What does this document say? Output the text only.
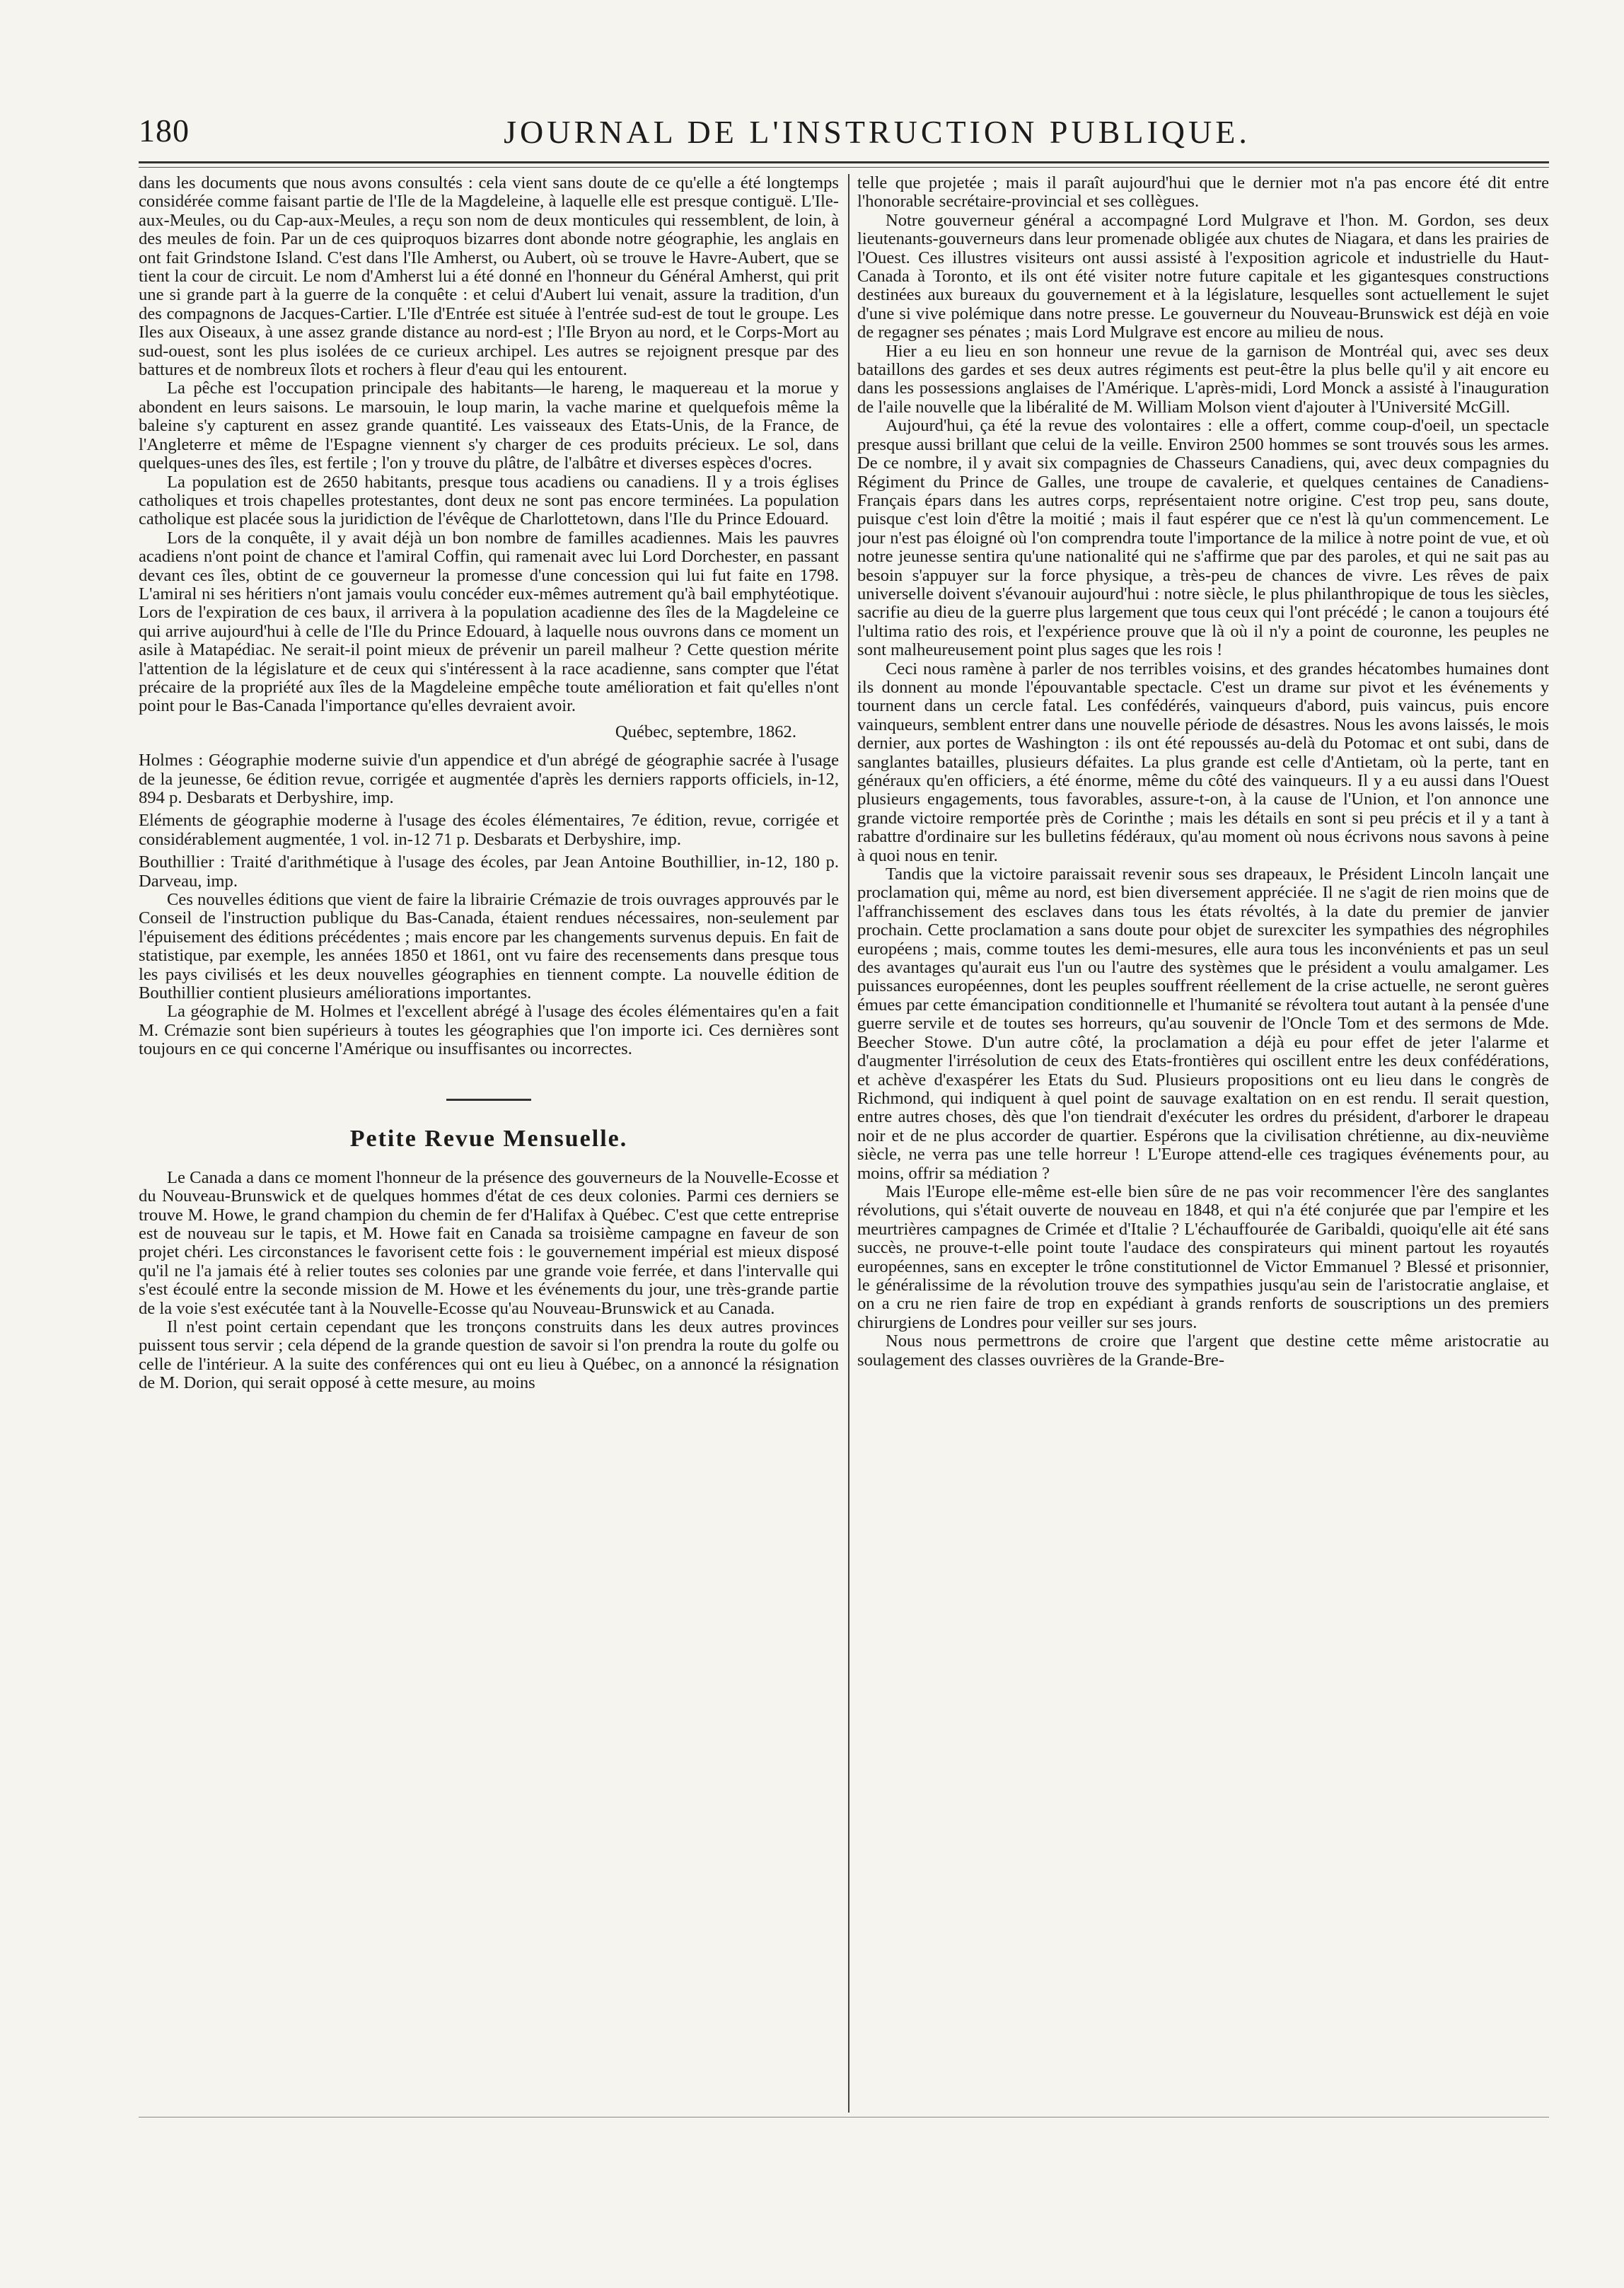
180	JOURNAL DE L'INSTRUCTION PUBLIQUE.

dans les documents que nous avons consultés : cela vient sans doute de ce qu'elle a été longtemps considérée comme faisant partie de l'Ile de la Magdeleine, à laquelle elle est presque contiguë. L'Ile-aux-Meules, ou du Cap-aux-Meules, a reçu son nom de deux monticules qui ressemblent, de loin, à des meules de foin. Par un de ces quiproquos bizarres dont abonde notre géographie, les anglais en ont fait Grindstone Island. C'est dans l'Ile Amherst, ou Aubert, où se trouve le Havre-Aubert, que se tient la cour de circuit. Le nom d'Amherst lui a été donné en l'honneur du Général Amherst, qui prit une si grande part à la guerre de la conquête : et celui d'Aubert lui venait, assure la tradition, d'un des compagnons de Jacques-Cartier. L'Ile d'Entrée est située à l'entrée sud-est de tout le groupe. Les Iles aux Oiseaux, à une assez grande distance au nord-est ; l'Ile Bryon au nord, et le Corps-Mort au sud-ouest, sont les plus isolées de ce curieux archipel. Les autres se rejoignent presque par des battures et de nombreux îlots et rochers à fleur d'eau qui les entourent.

La pêche est l'occupation principale des habitants—le hareng, le maquereau et la morue y abondent en leurs saisons. Le marsouin, le loup marin, la vache marine et quelquefois même la baleine s'y capturent en assez grande quantité. Les vaisseaux des Etats-Unis, de la France, de l'Angleterre et même de l'Espagne viennent s'y charger de ces produits précieux. Le sol, dans quelques-unes des îles, est fertile ; l'on y trouve du plâtre, de l'albâtre et diverses espèces d'ocres.

La population est de 2650 habitants, presque tous acadiens ou canadiens. Il y a trois églises catholiques et trois chapelles protestantes, dont deux ne sont pas encore terminées. La population catholique est placée sous la juridiction de l'évêque de Charlottetown, dans l'Ile du Prince Edouard.

Lors de la conquête, il y avait déjà un bon nombre de familles acadiennes. Mais les pauvres acadiens n'ont point de chance et l'amiral Coffin, qui ramenait avec lui Lord Dorchester, en passant devant ces îles, obtint de ce gouverneur la promesse d'une concession qui lui fut faite en 1798. L'amiral ni ses héritiers n'ont jamais voulu concéder eux-mêmes autrement qu'à bail emphytéotique. Lors de l'expiration de ces baux, il arrivera à la population acadienne des îles de la Magdeleine ce qui arrive aujourd'hui à celle de l'Ile du Prince Edouard, à laquelle nous ouvrons dans ce moment un asile à Matapédiac. Ne serait-il point mieux de prévenir un pareil malheur ? Cette question mérite l'attention de la législature et de ceux qui s'intéressent à la race acadienne, sans compter que l'état précaire de la propriété aux îles de la Magdeleine empêche toute amélioration et fait qu'elles n'ont point pour le Bas-Canada l'importance qu'elles devraient avoir.

Québec, septembre, 1862.

Holmes : Géographie moderne suivie d'un appendice et d'un abrégé de géographie sacrée à l'usage de la jeunesse, 6e édition revue, corrigée et augmentée d'après les derniers rapports officiels, in-12, 894 p. Desbarats et Derbyshire, imp.

Eléments de géographie moderne à l'usage des écoles élémentaires, 7e édition, revue, corrigée et considérablement augmentée, 1 vol. in-12 71 p. Desbarats et Derbyshire, imp.

Bouthillier : Traité d'arithmétique à l'usage des écoles, par Jean Antoine Bouthillier, in-12, 180 p. Darveau, imp.

Ces nouvelles éditions que vient de faire la librairie Crémazie de trois ouvrages approuvés par le Conseil de l'instruction publique du Bas-Canada, étaient rendues nécessaires, non-seulement par l'épuisement des éditions précédentes ; mais encore par les changements survenus depuis. En fait de statistique, par exemple, les années 1850 et 1861, ont vu faire des recensements dans presque tous les pays civilisés et les deux nouvelles géographies en tiennent compte. La nouvelle édition de Bouthillier contient plusieurs améliorations importantes.

La géographie de M. Holmes et l'excellent abrégé à l'usage des écoles élémentaires qu'en a fait M. Crémazie sont bien supérieurs à toutes les géographies que l'on importe ici. Ces dernières sont toujours en ce qui concerne l'Amérique ou insuffisantes ou incorrectes.

Petite Revue Mensuelle.

Le Canada a dans ce moment l'honneur de la présence des gouverneurs de la Nouvelle-Ecosse et du Nouveau-Brunswick et de quelques hommes d'état de ces deux colonies. Parmi ces derniers se trouve M. Howe, le grand champion du chemin de fer d'Halifax à Québec. C'est que cette entreprise est de nouveau sur le tapis, et M. Howe fait en Canada sa troisième campagne en faveur de son projet chéri. Les circonstances le favorisent cette fois : le gouvernement impérial est mieux disposé qu'il ne l'a jamais été à relier toutes ses colonies par une grande voie ferrée, et dans l'intervalle qui s'est écoulé entre la seconde mission de M. Howe et les événements du jour, une très-grande partie de la voie s'est exécutée tant à la Nouvelle-Ecosse qu'au Nouveau-Brunswick et au Canada.

Il n'est point certain cependant que les tronçons construits dans les deux autres provinces puissent tous servir ; cela dépend de la grande question de savoir si l'on prendra la route du golfe ou celle de l'intérieur. A la suite des conférences qui ont eu lieu à Québec, on a annoncé la résignation de M. Dorion, qui serait opposé à cette mesure, au moins

telle que projetée ; mais il paraît aujourd'hui que le dernier mot n'a pas encore été dit entre l'honorable secrétaire-provincial et ses collègues.

Notre gouverneur général a accompagné Lord Mulgrave et l'hon. M. Gordon, ses deux lieutenants-gouverneurs dans leur promenade obligée aux chutes de Niagara, et dans les prairies de l'Ouest. Ces illustres visiteurs ont aussi assisté à l'exposition agricole et industrielle du Haut-Canada à Toronto, et ils ont été visiter notre future capitale et les gigantesques constructions destinées aux bureaux du gouvernement et à la législature, lesquelles sont actuellement le sujet d'une si vive polémique dans notre presse. Le gouverneur du Nouveau-Brunswick est déjà en voie de regagner ses pénates ; mais Lord Mulgrave est encore au milieu de nous.

Hier a eu lieu en son honneur une revue de la garnison de Montréal qui, avec ses deux bataillons des gardes et ses deux autres régiments est peut-être la plus belle qu'il y ait encore eu dans les possessions anglaises de l'Amérique. L'après-midi, Lord Monck a assisté à l'inauguration de l'aile nouvelle que la libéralité de M. William Molson vient d'ajouter à l'Université McGill.

Aujourd'hui, ça été la revue des volontaires : elle a offert, comme coup-d'oeil, un spectacle presque aussi brillant que celui de la veille. Environ 2500 hommes se sont trouvés sous les armes. De ce nombre, il y avait six compagnies de Chasseurs Canadiens, qui, avec deux compagnies du Régiment du Prince de Galles, une troupe de cavalerie, et quelques centaines de Canadiens-Français épars dans les autres corps, représentaient notre origine. C'est trop peu, sans doute, puisque c'est loin d'être la moitié ; mais il faut espérer que ce n'est là qu'un commencement. Le jour n'est pas éloigné où l'on comprendra toute l'importance de la milice à notre point de vue, et où notre jeunesse sentira qu'une nationalité qui ne s'affirme que par des paroles, et qui ne sait pas au besoin s'appuyer sur la force physique, a très-peu de chances de vivre. Les rêves de paix universelle doivent s'évanouir aujourd'hui : notre siècle, le plus philanthropique de tous les siècles, sacrifie au dieu de la guerre plus largement que tous ceux qui l'ont précédé ; le canon a toujours été l'ultima ratio des rois, et l'expérience prouve que là où il n'y a point de couronne, les peuples ne sont malheureusement point plus sages que les rois !

Ceci nous ramène à parler de nos terribles voisins, et des grandes hécatombes humaines dont ils donnent au monde l'épouvantable spectacle. C'est un drame sur pivot et les événements y tournent dans un cercle fatal. Les confédérés, vainqueurs d'abord, puis vaincus, puis encore vainqueurs, semblent entrer dans une nouvelle période de désastres. Nous les avons laissés, le mois dernier, aux portes de Washington : ils ont été repoussés au-delà du Potomac et ont subi, dans de sanglantes batailles, plusieurs défaites. La plus grande est celle d'Antietam, où la perte, tant en généraux qu'en officiers, a été énorme, même du côté des vainqueurs. Il y a eu aussi dans l'Ouest plusieurs engagements, tous favorables, assure-t-on, à la cause de l'Union, et l'on annonce une grande victoire remportée près de Corinthe ; mais les détails en sont si peu précis et il y a tant à rabattre d'ordinaire sur les bulletins fédéraux, qu'au moment où nous écrivons nous savons à peine à quoi nous en tenir.

Tandis que la victoire paraissait revenir sous ses drapeaux, le Président Lincoln lançait une proclamation qui, même au nord, est bien diversement appréciée. Il ne s'agit de rien moins que de l'affranchissement des esclaves dans tous les états révoltés, à la date du premier de janvier prochain. Cette proclamation a sans doute pour objet de surexciter les sympathies des négrophiles européens ; mais, comme toutes les demi-mesures, elle aura tous les inconvénients et pas un seul des avantages qu'aurait eus l'un ou l'autre des systèmes que le président a voulu amalgamer. Les puissances européennes, dont les peuples souffrent réellement de la crise actuelle, ne seront guères émues par cette émancipation conditionnelle et l'humanité se révoltera tout autant à la pensée d'une guerre servile et de toutes ses horreurs, qu'au souvenir de l'Oncle Tom et des sermons de Mde. Beecher Stowe. D'un autre côté, la proclamation a déjà eu pour effet de jeter l'alarme et d'augmenter l'irrésolution de ceux des Etats-frontières qui oscillent entre les deux confédérations, et achève d'exaspérer les Etats du Sud. Plusieurs propositions ont eu lieu dans le congrès de Richmond, qui indiquent à quel point de sauvage exaltation on en est rendu. Il serait question, entre autres choses, dès que l'on tiendrait d'exécuter les ordres du président, d'arborer le drapeau noir et de ne plus accorder de quartier. Espérons que la civilisation chrétienne, au dix-neuvième siècle, ne verra pas une telle horreur ! L'Europe attend-elle ces tragiques événements pour, au moins, offrir sa médiation ?

Mais l'Europe elle-même est-elle bien sûre de ne pas voir recommencer l'ère des sanglantes révolutions, qui s'était ouverte de nouveau en 1848, et qui n'a été conjurée que par l'empire et les meurtrières campagnes de Crimée et d'Italie ? L'échauffourée de Garibaldi, quoiqu'elle ait été sans succès, ne prouve-t-elle point toute l'audace des conspirateurs qui minent partout les royautés européennes, sans en excepter le trône constitutionnel de Victor Emmanuel ? Blessé et prisonnier, le généralissime de la révolution trouve des sympathies jusqu'au sein de l'aristocratie anglaise, et on a cru ne rien faire de trop en expédiant à grands renforts de souscriptions un des premiers chirurgiens de Londres pour veiller sur ses jours.

Nous nous permettrons de croire que l'argent que destine cette même aristocratie au soulagement des classes ouvrières de la Grande-Bre-
